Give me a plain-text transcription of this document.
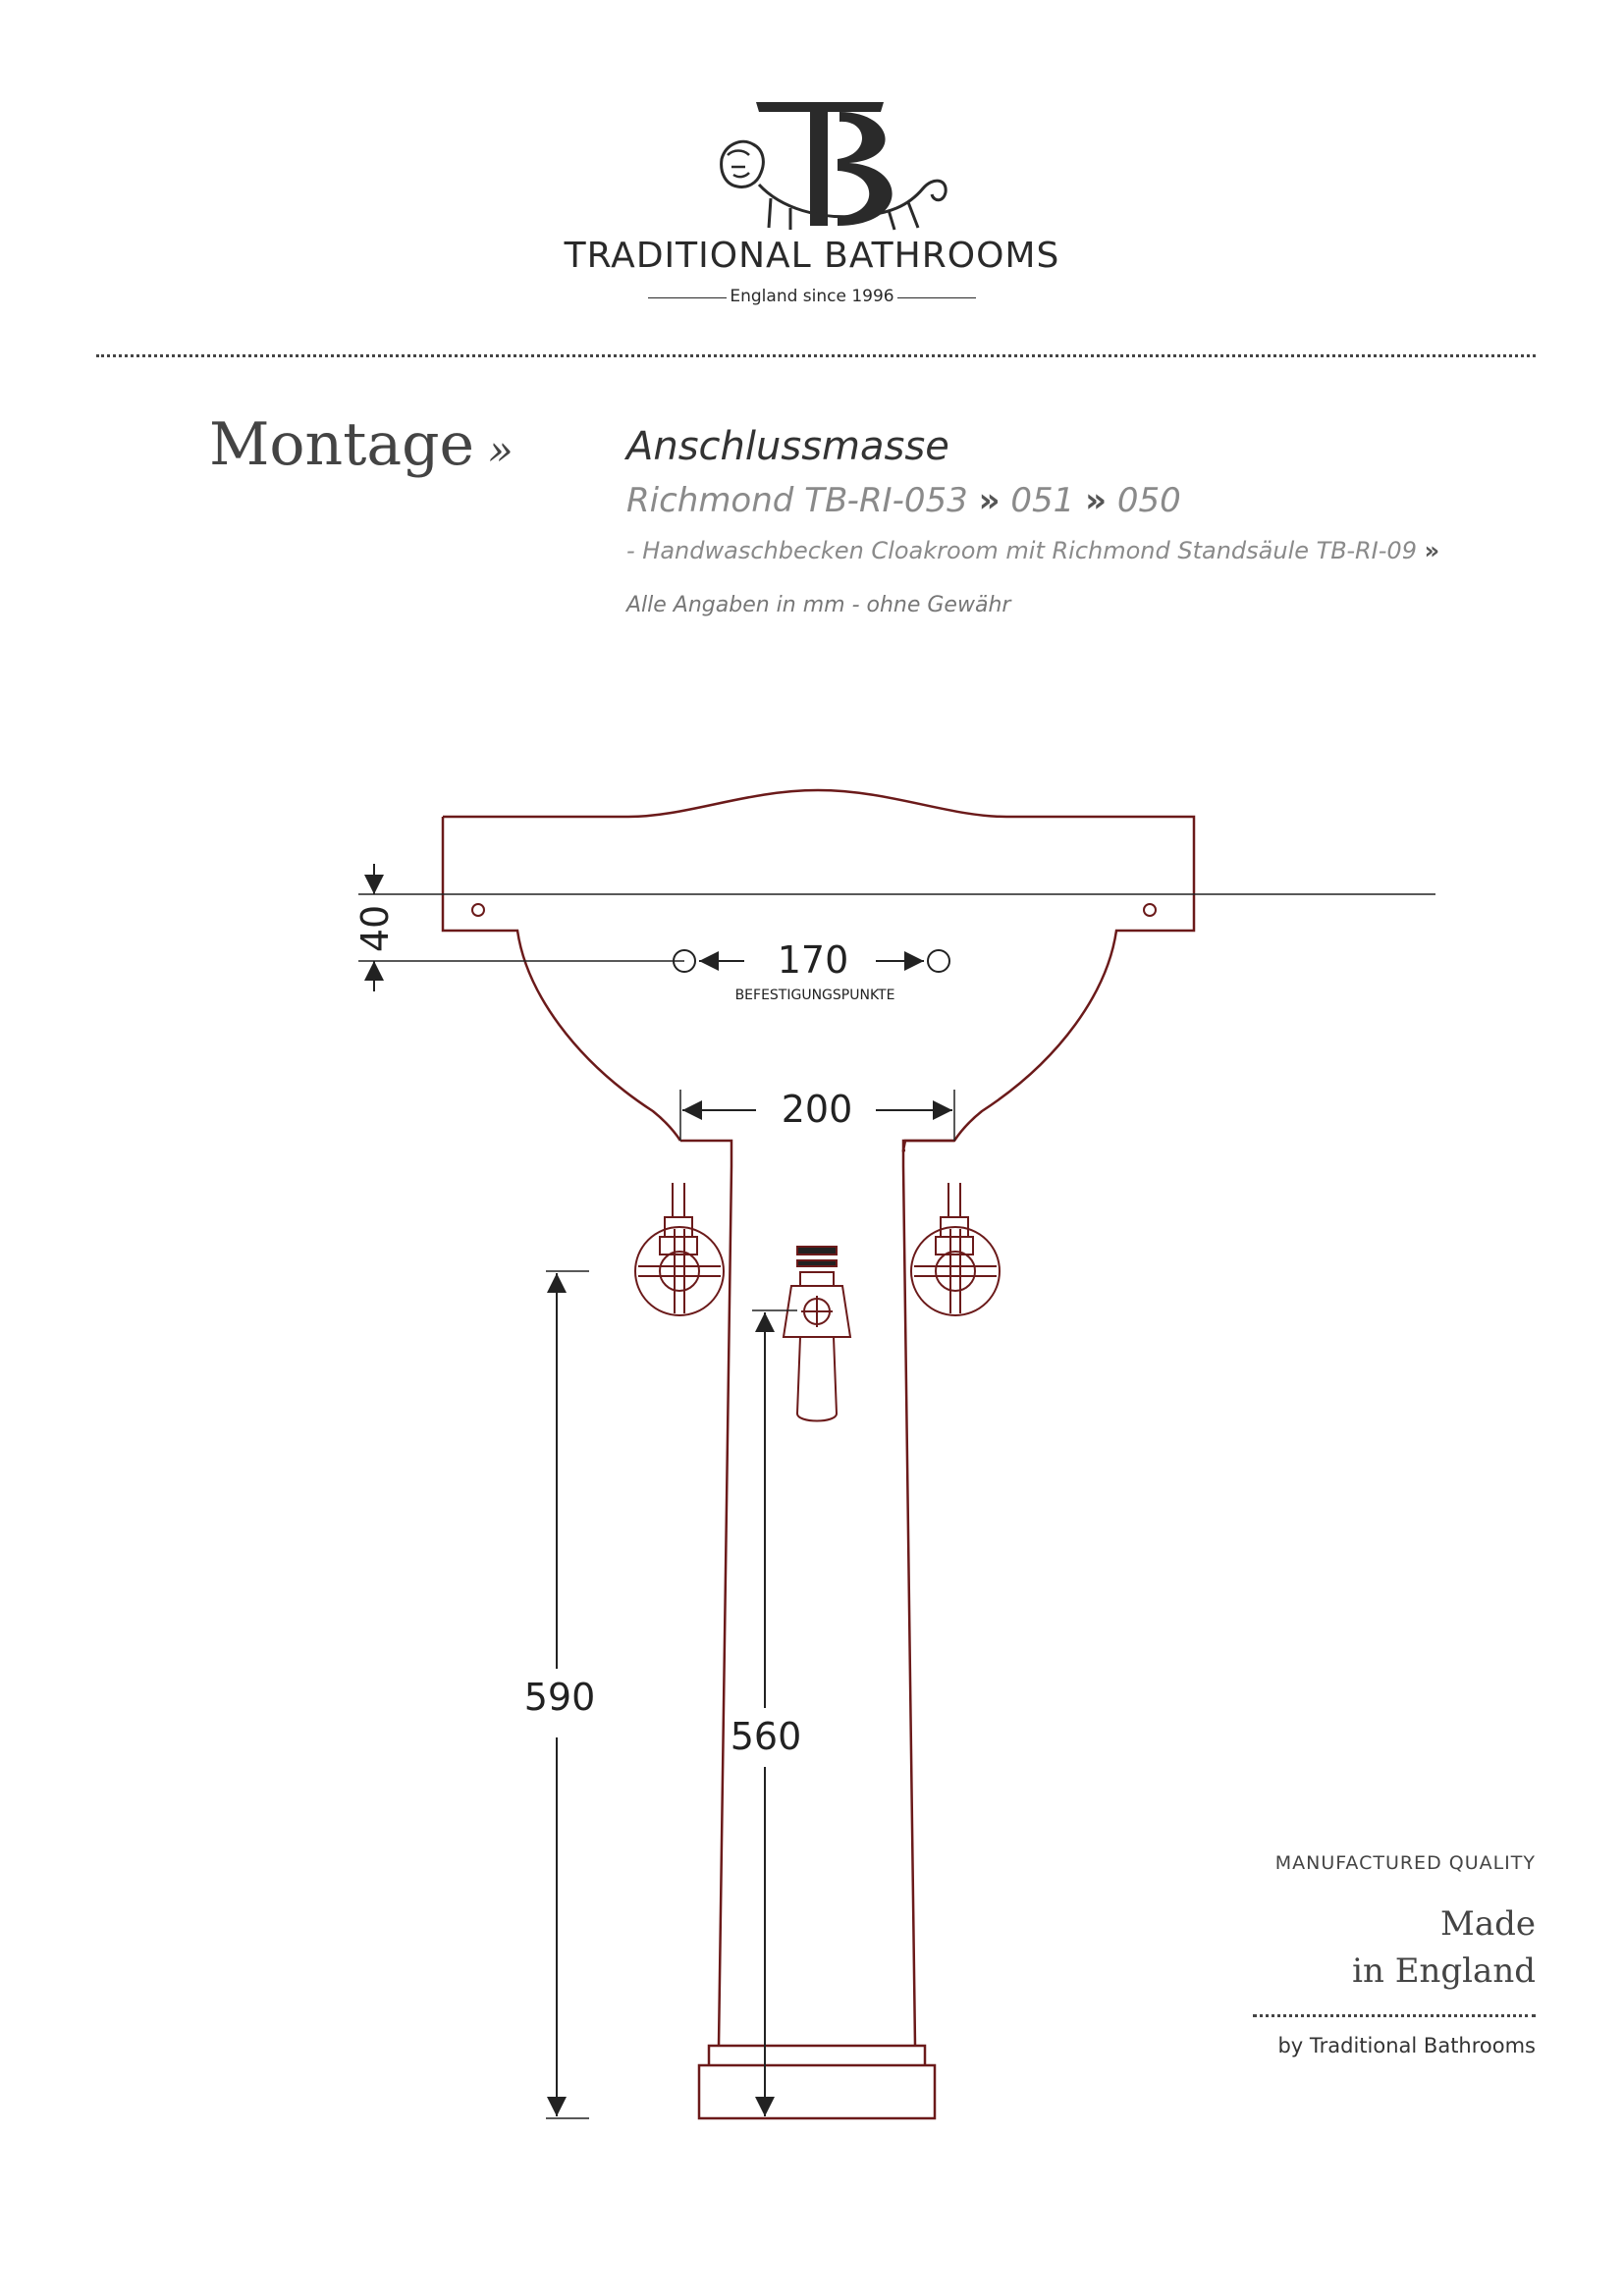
TRADITIONAL BATHROOMS
England since 1996
Montage »	Anschlussmasse
Richmond TB-RI-053 » 051 » 050
- Handwaschbecken Cloakroom mit Richmond Standsäule TB-RI-09 »
Alle Angaben in mm - ohne Gewähr
40
170
BEFESTIGUNGSPUNKTE
200
590
560
MANUFACTURED QUALITY
Made
in England
by Traditional Bathrooms
